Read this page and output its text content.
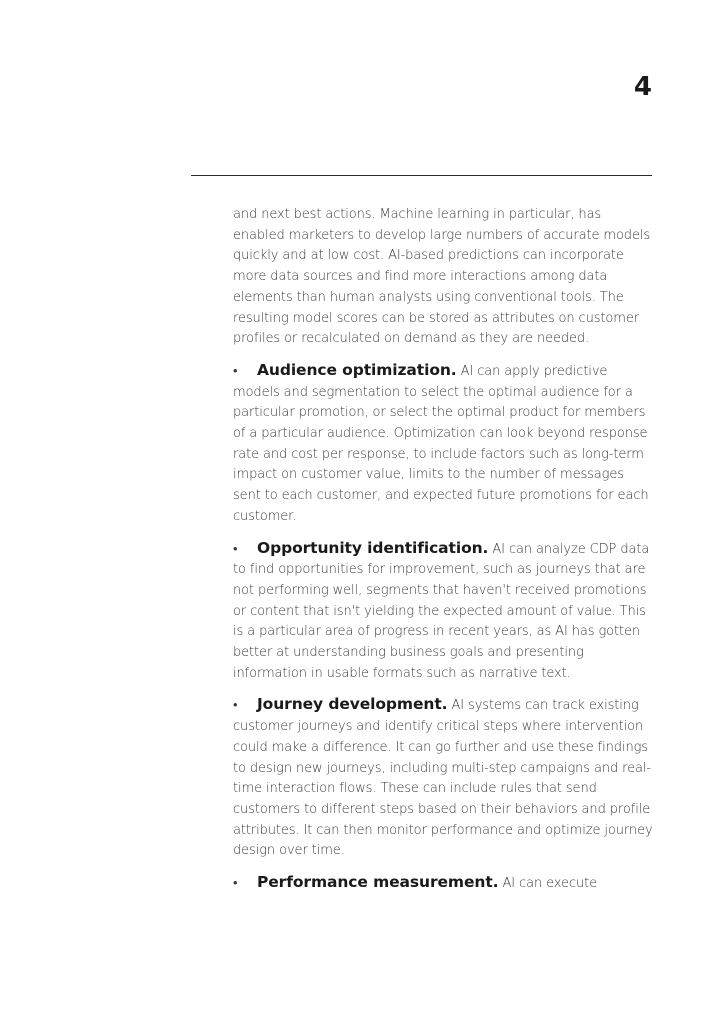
4

and next best actions. Machine learning in particular, has enabled marketers to develop large numbers of accurate models quickly and at low cost. AI-based predictions can incorporate more data sources and find more interactions among data elements than human analysts using conventional tools. The resulting model scores can be stored as attributes on customer profiles or recalculated on demand as they are needed.

• Audience optimization. AI can apply predictive models and segmentation to select the optimal audience for a particular promotion, or select the optimal product for members of a particular audience. Optimization can look beyond response rate and cost per response, to include factors such as long-term impact on customer value, limits to the number of messages sent to each customer, and expected future promotions for each customer.

• Opportunity identification. AI can analyze CDP data to find opportunities for improvement, such as journeys that are not performing well, segments that haven't received promotions or content that isn't yielding the expected amount of value. This is a particular area of progress in recent years, as AI has gotten better at understanding business goals and presenting information in usable formats such as narrative text.

• Journey development. AI systems can track existing customer journeys and identify critical steps where intervention could make a difference. It can go further and use these findings to design new journeys, including multi-step campaigns and real-time interaction flows. These can include rules that send customers to different steps based on their behaviors and profile attributes. It can then monitor performance and optimize journey design over time.

• Performance measurement. AI can execute
